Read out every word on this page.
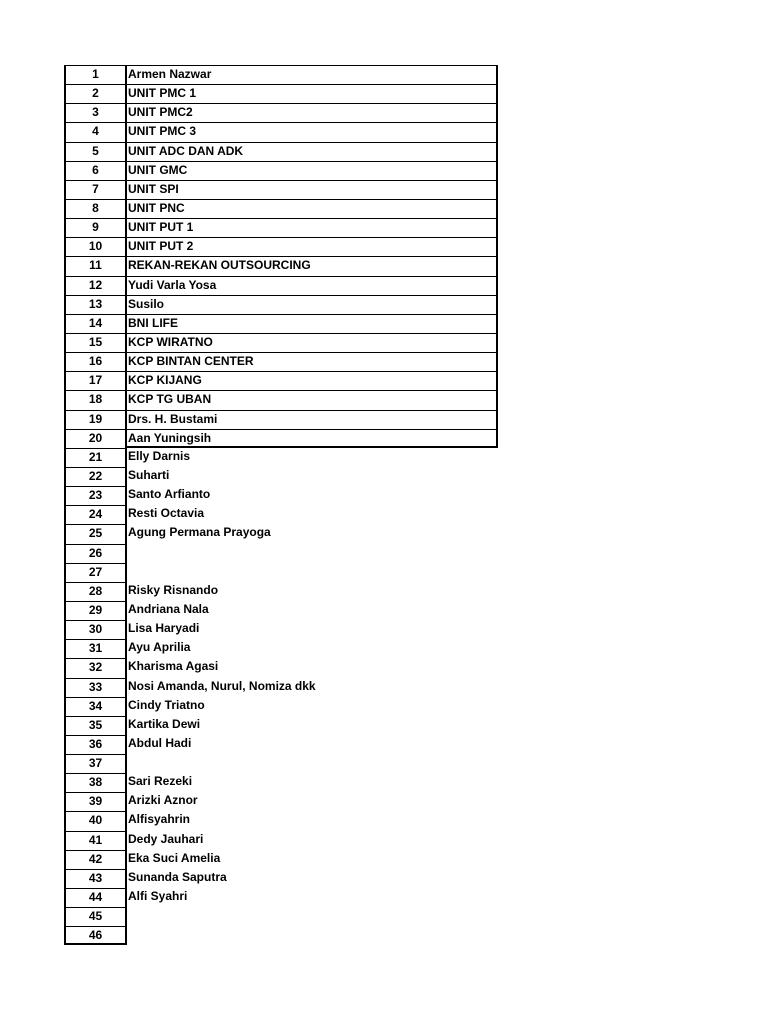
1	Armen Nazwar
2	UNIT PMC 1
3	UNIT PMC2
4	UNIT PMC 3
5	UNIT ADC DAN ADK
6	UNIT GMC
7	UNIT SPI
8	UNIT PNC
9	UNIT PUT 1
10	UNIT PUT 2
11	REKAN-REKAN OUTSOURCING
12	Yudi Varla Yosa
13	Susilo
14	BNI LIFE
15	KCP WIRATNO
16	KCP BINTAN CENTER
17	KCP KIJANG
18	KCP TG UBAN
19	Drs. H. Bustami
20	Aan Yuningsih
21	Elly Darnis
22	Suharti
23	Santo Arfianto
24	Resti Octavia
25	Agung Permana Prayoga
26
27
28	Risky Risnando
29	Andriana Nala
30	Lisa Haryadi
31	Ayu Aprilia
32	Kharisma Agasi
33	Nosi Amanda, Nurul, Nomiza dkk
34	Cindy Triatno
35	Kartika Dewi
36	Abdul Hadi
37
38	Sari Rezeki
39	Arizki Aznor
40	Alfisyahrin
41	Dedy Jauhari
42	Eka Suci Amelia
43	Sunanda Saputra
44	Alfi Syahri
45
46
